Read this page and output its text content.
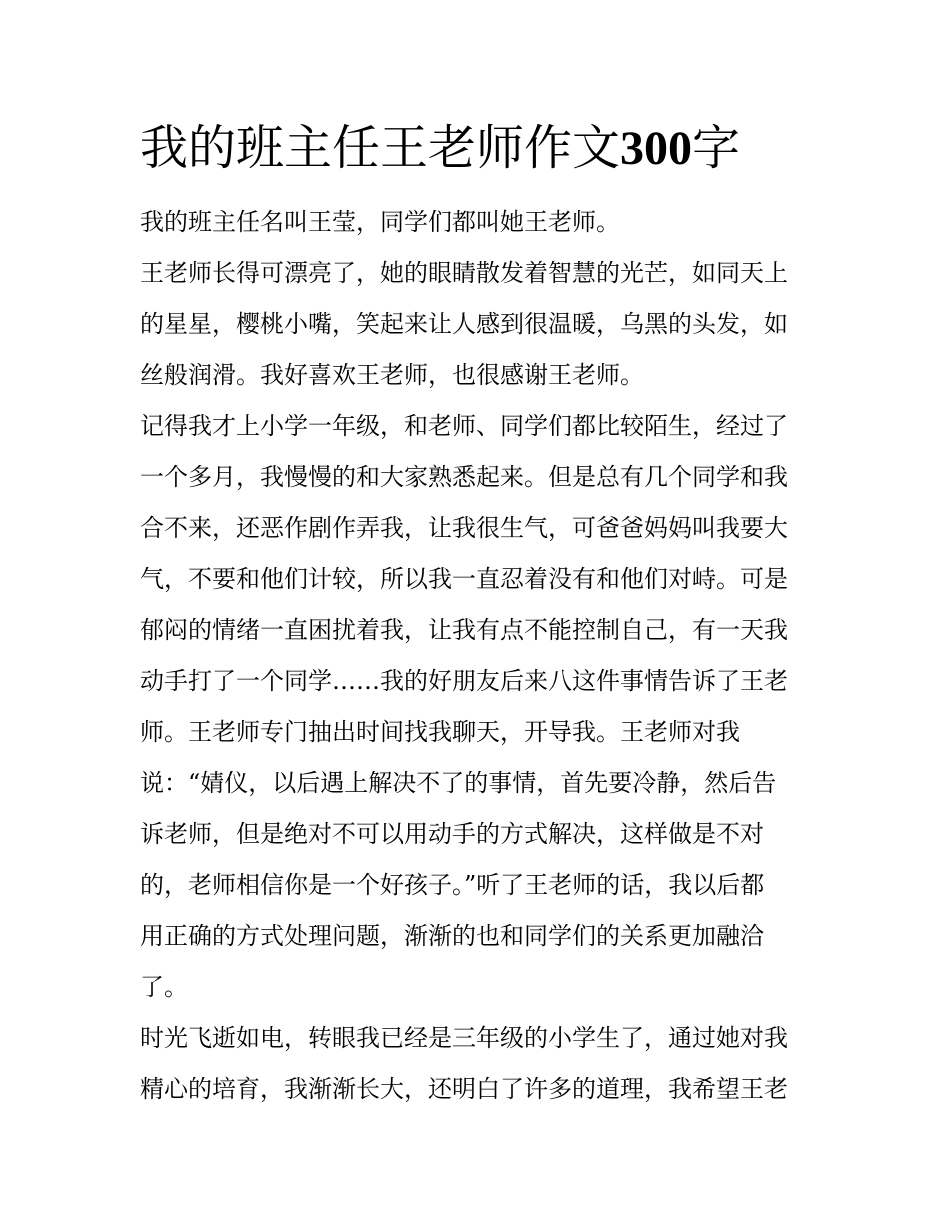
我的班主任王老师作文300字

我的班主任名叫王莹，同学们都叫她王老师。

王老师长得可漂亮了，她的眼睛散发着智慧的光芒，如同天上

的星星，樱桃小嘴，笑起来让人感到很温暖，乌黑的头发，如

丝般润滑。我好喜欢王老师，也很感谢王老师。

记得我才上小学一年级，和老师、同学们都比较陌生，经过了

一个多月，我慢慢的和大家熟悉起来。但是总有几个同学和我

合不来，还恶作剧作弄我，让我很生气，可爸爸妈妈叫我要大

气，不要和他们计较，所以我一直忍着没有和他们对峙。可是

郁闷的情绪一直困扰着我，让我有点不能控制自己，有一天我

动手打了一个同学……我的好朋友后来八这件事情告诉了王老

师。王老师专门抽出时间找我聊天，开导我。王老师对我

说：“婧仪，以后遇上解决不了的事情，首先要冷静，然后告

诉老师，但是绝对不可以用动手的方式解决，这样做是不对

的，老师相信你是一个好孩子。”听了王老师的话，我以后都

用正确的方式处理问题，渐渐的也和同学们的关系更加融洽

了。

时光飞逝如电，转眼我已经是三年级的小学生了，通过她对我

精心的培育，我渐渐长大，还明白了许多的道理，我希望王老
